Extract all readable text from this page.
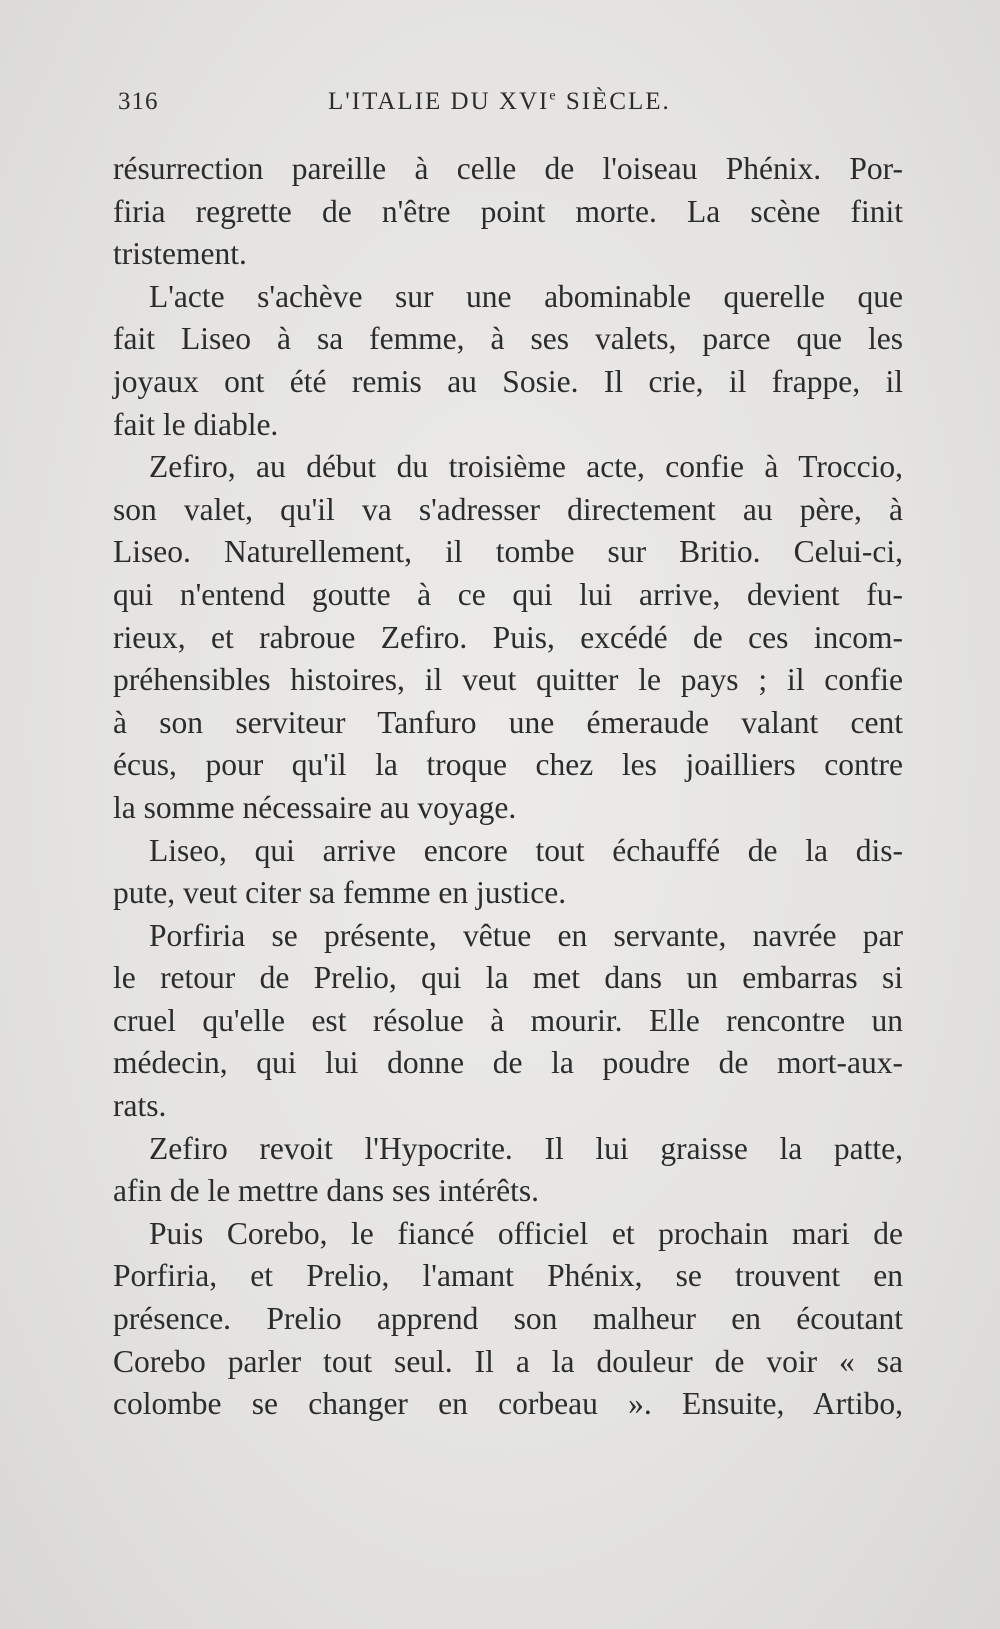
316	L'ITALIE DU XVIe SIÈCLE.
résurrection pareille à celle de l'oiseau Phénix. Por-
firia regrette de n'être point morte. La scène finit
tristement.
L'acte s'achève sur une abominable querelle que
fait Liseo à sa femme, à ses valets, parce que les
joyaux ont été remis au Sosie. Il crie, il frappe, il
fait le diable.
Zefiro, au début du troisième acte, confie à Troccio,
son valet, qu'il va s'adresser directement au père, à
Liseo. Naturellement, il tombe sur Britio. Celui-ci,
qui n'entend goutte à ce qui lui arrive, devient fu-
rieux, et rabroue Zefiro. Puis, excédé de ces incom-
préhensibles histoires, il veut quitter le pays ; il confie
à son serviteur Tanfuro une émeraude valant cent
écus, pour qu'il la troque chez les joailliers contre
la somme nécessaire au voyage.
Liseo, qui arrive encore tout échauffé de la dis-
pute, veut citer sa femme en justice.
Porfiria se présente, vêtue en servante, navrée par
le retour de Prelio, qui la met dans un embarras si
cruel qu'elle est résolue à mourir. Elle rencontre un
médecin, qui lui donne de la poudre de mort-aux-
rats.
Zefiro revoit l'Hypocrite. Il lui graisse la patte,
afin de le mettre dans ses intérêts.
Puis Corebo, le fiancé officiel et prochain mari de
Porfiria, et Prelio, l'amant Phénix, se trouvent en
présence. Prelio apprend son malheur en écoutant
Corebo parler tout seul. Il a la douleur de voir « sa
colombe se changer en corbeau ». Ensuite, Artibo,
